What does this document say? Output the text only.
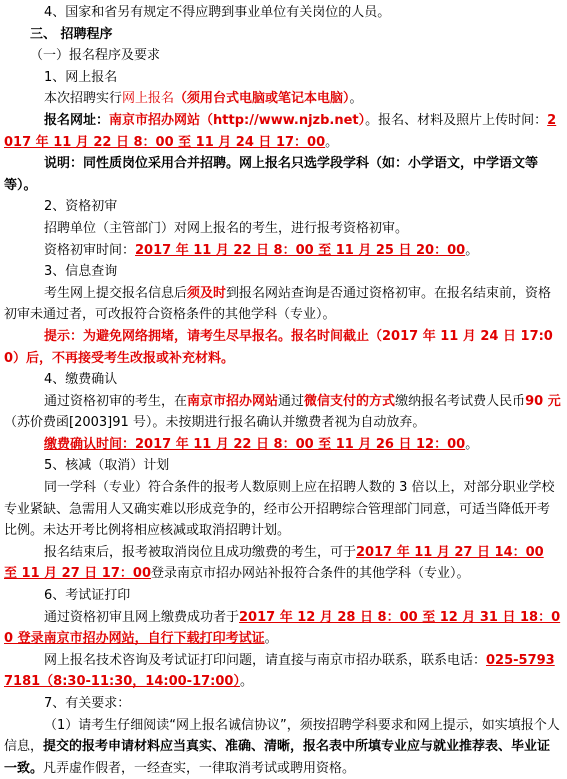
4、国家和省另有规定不得应聘到事业单位有关岗位的人员。

三、 招聘程序

（一）报名程序及要求

1、网上报名

本次招聘实行网上报名（须用台式电脑或笔记本电脑）。

报名网址：南京市招办网站（http://www.njzb.net）。报名、材料及照片上传时间：2017 年 11 月 22 日 8：00 至 11 月 24 日 17：00。

说明：同性质岗位采用合并招聘。网上报名只选学段学科（如：小学语文，中学语文等等）。

2、资格初审

招聘单位（主管部门）对网上报名的考生，进行报考资格初审。

资格初审时间：2017 年 11 月 22 日 8：00 至 11 月 25 日 20：00。

3、信息查询

考生网上提交报名信息后须及时到报名网站查询是否通过资格初审。在报名结束前，资格初审未通过者，可改报符合资格条件的其他学科（专业）。

提示：为避免网络拥堵，请考生尽早报名。报名时间截止（2017 年 11 月 24 日 17:00）后，不再接受考生改报或补充材料。

4、缴费确认

通过资格初审的考生，在南京市招办网站通过微信支付的方式缴纳报名考试费人民币90 元（苏价费函[2003]91 号）。未按期进行报名确认并缴费者视为自动放弃。

缴费确认时间：2017 年 11 月 22 日 8：00 至 11 月 26 日 12：00。

5、核减（取消）计划

同一学科（专业）符合条件的报考人数原则上应在招聘人数的 3 倍以上，对部分职业学校专业紧缺、急需用人又确实难以形成竞争的，经市公开招聘综合管理部门同意，可适当降低开考比例。未达开考比例将相应核减或取消招聘计划。

报名结束后，报考被取消岗位且成功缴费的考生，可于2017 年 11 月 27 日 14：00 至 11 月 27 日 17：00登录南京市招办网站补报符合条件的其他学科（专业）。

6、考试证打印

通过资格初审且网上缴费成功者于2017 年 12 月 28 日 8：00 至 12 月 31 日 18：00 登录南京市招办网站，自行下载打印考试证。

网上报名技术咨询及考试证打印问题，请直接与南京市招办联系，联系电话：025-57937181（8:30-11:30，14:00-17:00）。

7、有关要求：

（1）请考生仔细阅读“网上报名诚信协议”，须按招聘学科要求和网上提示，如实填报个人信息，提交的报考申请材料应当真实、准确、清晰，报名表中所填专业应与就业推荐表、毕业证一致。凡弄虚作假者，一经查实，一律取消考试或聘用资格。
